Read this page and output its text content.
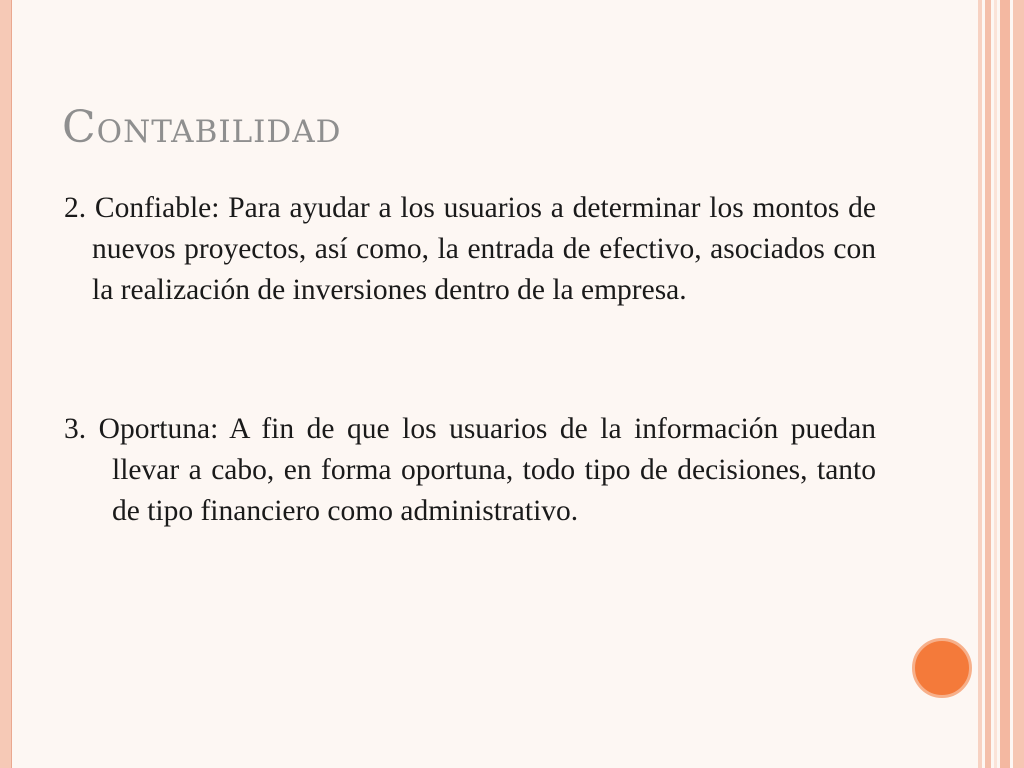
Contabilidad

2. Confiable: Para ayudar a los usuarios a determinar los montos de nuevos proyectos, así como, la entrada de efectivo, asociados con la realización de inversiones dentro de la empresa.

3. Oportuna: A fin de que los usuarios de la información puedan llevar a cabo, en forma oportuna, todo tipo de decisiones, tanto de tipo financiero como administrativo.
